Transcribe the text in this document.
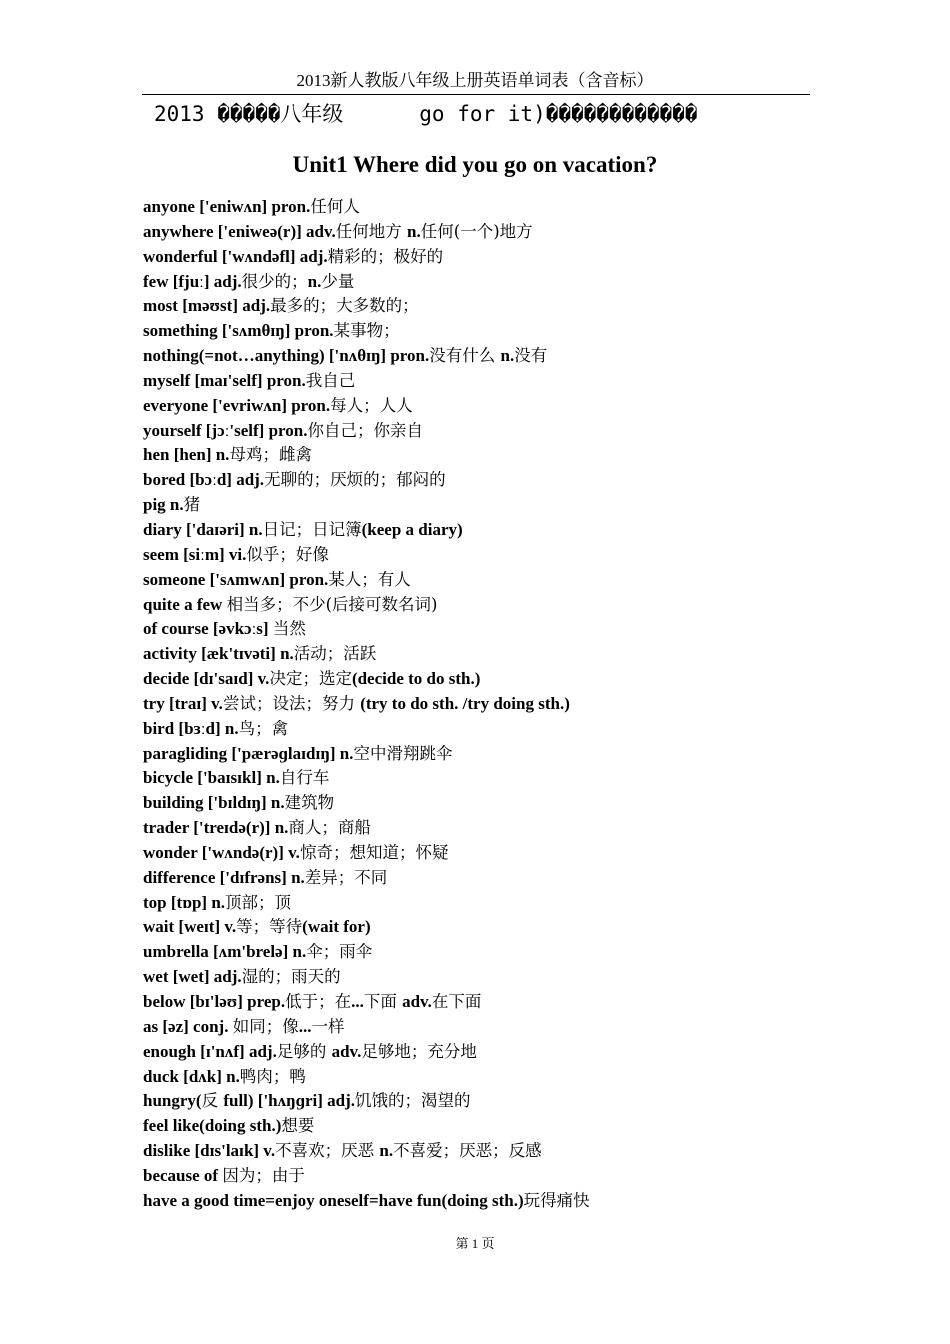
2013新人教版八年级上册英语单词表（含音标）
2013 �����八年级      go for it)������������
Unit1 Where did you go on vacation?
anyone ['eniwʌn] pron.任何人
anywhere ['eniweə(r)] adv.任何地方 n.任何(一个)地方
wonderful ['wʌndəfl] adj.精彩的；极好的
few [fjuː] adj.很少的；n.少量
most [məʊst] adj.最多的；大多数的；
something ['sʌmθɪŋ] pron.某事物；
nothing(=not…anything) ['nʌθɪŋ] pron.没有什么 n.没有
myself [maɪ'self] pron.我自己
everyone ['evriwʌn] pron.每人；人人
yourself [jɔː'self] pron.你自己；你亲自
hen [hen] n.母鸡；雌禽
bored [bɔːd] adj.无聊的；厌烦的；郁闷的
pig n.猪
diary ['daɪəri] n.日记；日记簿(keep a diary)
seem [siːm] vi.似乎；好像
someone ['sʌmwʌn] pron.某人；有人
quite a few 相当多；不少(后接可数名词)
of course [əvkɔːs] 当然
activity [æk'tɪvəti] n.活动；活跃
decide [dɪ'saɪd] v.决定；选定(decide to do sth.)
try [traɪ] v.尝试；设法；努力 (try to do sth. /try doing sth.)
bird [bɜːd] n.鸟；禽
paragliding ['pærəɡlaɪdɪŋ] n.空中滑翔跳伞
bicycle ['baɪsɪkl] n.自行车
building ['bɪldɪŋ] n.建筑物
trader ['treɪdə(r)] n.商人；商船
wonder ['wʌndə(r)] v.惊奇；想知道；怀疑
difference ['dɪfrəns] n.差异；不同
top [tɒp] n.顶部；顶
wait [weɪt] v.等；等待(wait for)
umbrella [ʌm'brelə] n.伞；雨伞
wet [wet] adj.湿的；雨天的
below [bɪ'ləʊ] prep.低于；在...下面 adv.在下面
as [əz] conj. 如同；像...一样
enough [ɪ'nʌf] adj.足够的 adv.足够地；充分地
duck [dʌk] n.鸭肉；鸭
hungry(反 full) ['hʌŋɡri] adj.饥饿的；渴望的
feel like(doing sth.)想要
dislike [dɪs'laɪk] v.不喜欢；厌恶 n.不喜爱；厌恶；反感
because of 因为；由于
have a good time=enjoy oneself=have fun(doing sth.)玩得痛快
第 1 页
